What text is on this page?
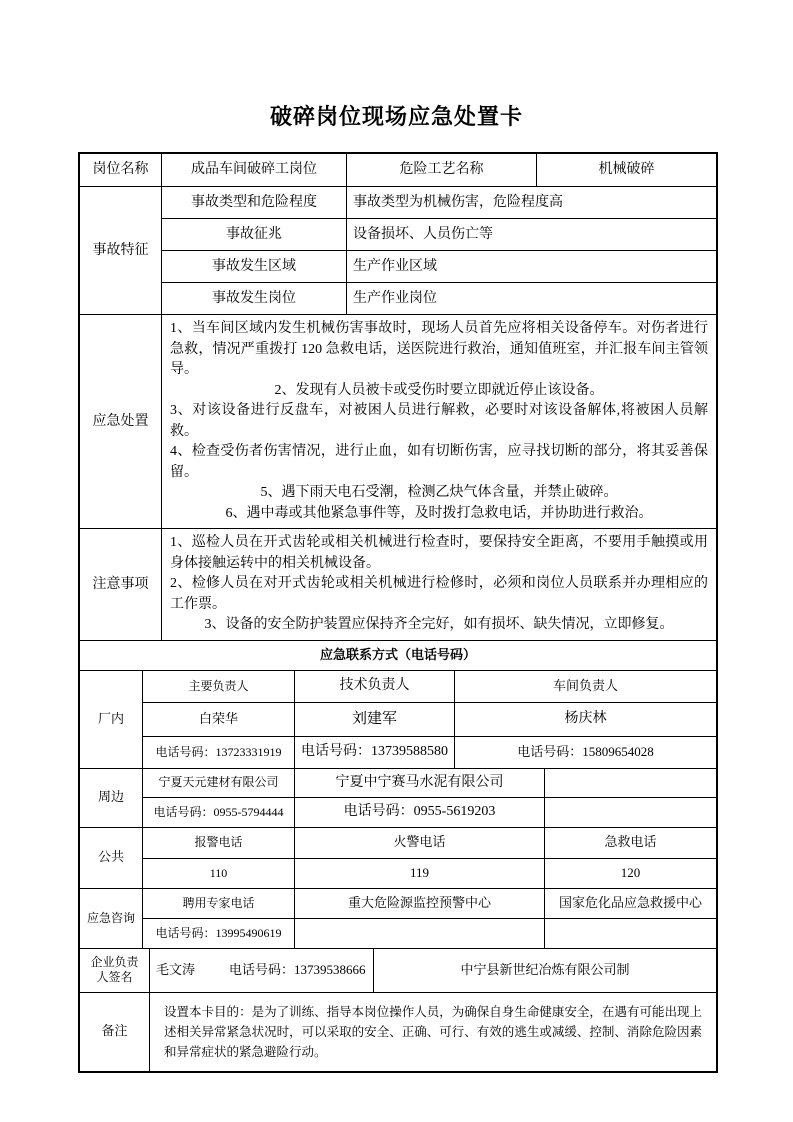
破碎岗位现场应急处置卡
岗位名称	成品车间破碎工岗位	危险工艺名称	机械破碎
事故特征
事故类型和危险程度	事故类型为机械伤害，危险程度高
事故征兆	设备损坏、人员伤亡等
事故发生区域	生产作业区域
事故发生岗位	生产作业岗位
应急处置
1、当车间区域内发生机械伤害事故时，现场人员首先应将相关设备停车。对伤者进行急救，情况严重拨打 120 急救电话，送医院进行救治，通知值班室，并汇报车间主管领导。
2、发现有人员被卡或受伤时要立即就近停止该设备。
3、对该设备进行反盘车，对被困人员进行解救，必要时对该设备解体,将被困人员解救。
4、检查受伤者伤害情况，进行止血，如有切断伤害，应寻找切断的部分，将其妥善保留。
5、遇下雨天电石受潮，检测乙炔气体含量，并禁止破碎。
6、遇中毒或其他紧急事件等，及时拨打急救电话，并协助进行救治。
注意事项
1、巡检人员在开式齿轮或相关机械进行检查时，要保持安全距离，不要用手触摸或用身体接触运转中的相关机械设备。
2、检修人员在对开式齿轮或相关机械进行检修时，必须和岗位人员联系并办理相应的工作票。
3、设备的安全防护装置应保持齐全完好，如有损坏、缺失情况，立即修复。
应急联系方式（电话号码）
厂内
主要负责人	技术负责人	车间负责人
白荣华	刘建军	杨庆林
电话号码：13723331919	电话号码：13739588580	电话号码：15809654028
周边
宁夏天元建材有限公司	宁夏中宁赛马水泥有限公司
电话号码：0955-5794444	电话号码：0955-5619203
公共
报警电话	火警电话	急救电话
110	119	120
应急咨询
聘用专家电话	重大危险源监控预警中心	国家危化品应急救援中心
电话号码：13995490619
企业负责人签名
毛文涛	电话号码：13739538666	中宁县新世纪冶炼有限公司制
备注
设置本卡目的：是为了训练、指导本岗位操作人员，为确保自身生命健康安全，在遇有可能出现上述相关异常紧急状况时，可以采取的安全、正确、可行、有效的逃生或减缓、控制、消除危险因素和异常症状的紧急避险行动。
